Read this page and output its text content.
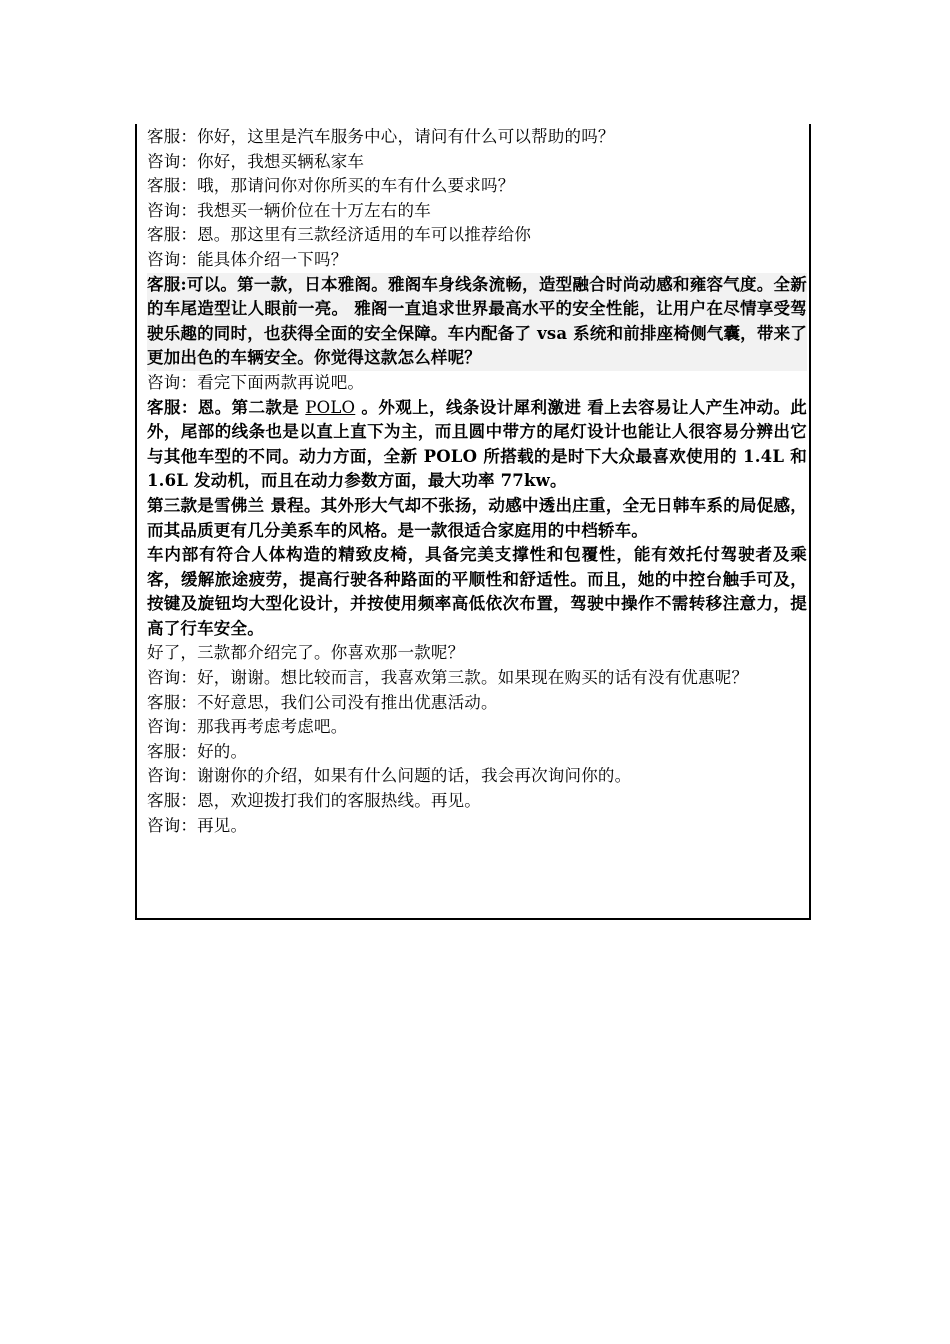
客服：你好，这里是汽车服务中心，请问有什么可以帮助的吗？
咨询：你好，我想买辆私家车
客服：哦，那请问你对你所买的车有什么要求吗？
咨询：我想买一辆价位在十万左右的车
客服：恩。那这里有三款经济适用的车可以推荐给你
咨询：能具体介绍一下吗？
客服:可以。第一款，日本雅阁。雅阁车身线条流畅，造型融合时尚动感和雍容气度。全新的车尾造型让人眼前一亮。 雅阁一直追求世界最高水平的安全性能，让用户在尽情享受驾驶乐趣的同时，也获得全面的安全保障。车内配备了 vsa 系统和前排座椅侧气囊，带来了更加出色的车辆安全。你觉得这款怎么样呢？
咨询：看完下面两款再说吧。
客服：恩。第二款是 POLO 。外观上，线条设计犀利激进 看上去容易让人产生冲动。此外，尾部的线条也是以直上直下为主，而且圆中带方的尾灯设计也能让人很容易分辨出它与其他车型的不同。动力方面，全新 POLO 所搭载的是时下大众最喜欢使用的 1.4L 和 1.6L 发动机，而且在动力参数方面，最大功率 77kw。
第三款是雪佛兰 景程。其外形大气却不张扬，动感中透出庄重，全无日韩车系的局促感，而其品质更有几分美系车的风格。是一款很适合家庭用的中档轿车。
车内部有符合人体构造的精致皮椅，具备完美支撑性和包覆性，能有效托付驾驶者及乘客，缓解旅途疲劳，提高行驶各种路面的平顺性和舒适性。而且，她的中控台触手可及，按键及旋钮均大型化设计，并按使用频率高低依次布置，驾驶中操作不需转移注意力，提高了行车安全。
好了，三款都介绍完了。你喜欢那一款呢？
咨询：好，谢谢。想比较而言，我喜欢第三款。如果现在购买的话有没有优惠呢？
客服：不好意思，我们公司没有推出优惠活动。
咨询：那我再考虑考虑吧。
客服：好的。
咨询：谢谢你的介绍，如果有什么问题的话，我会再次询问你的。
客服：恩，欢迎拨打我们的客服热线。再见。
咨询：再见。
